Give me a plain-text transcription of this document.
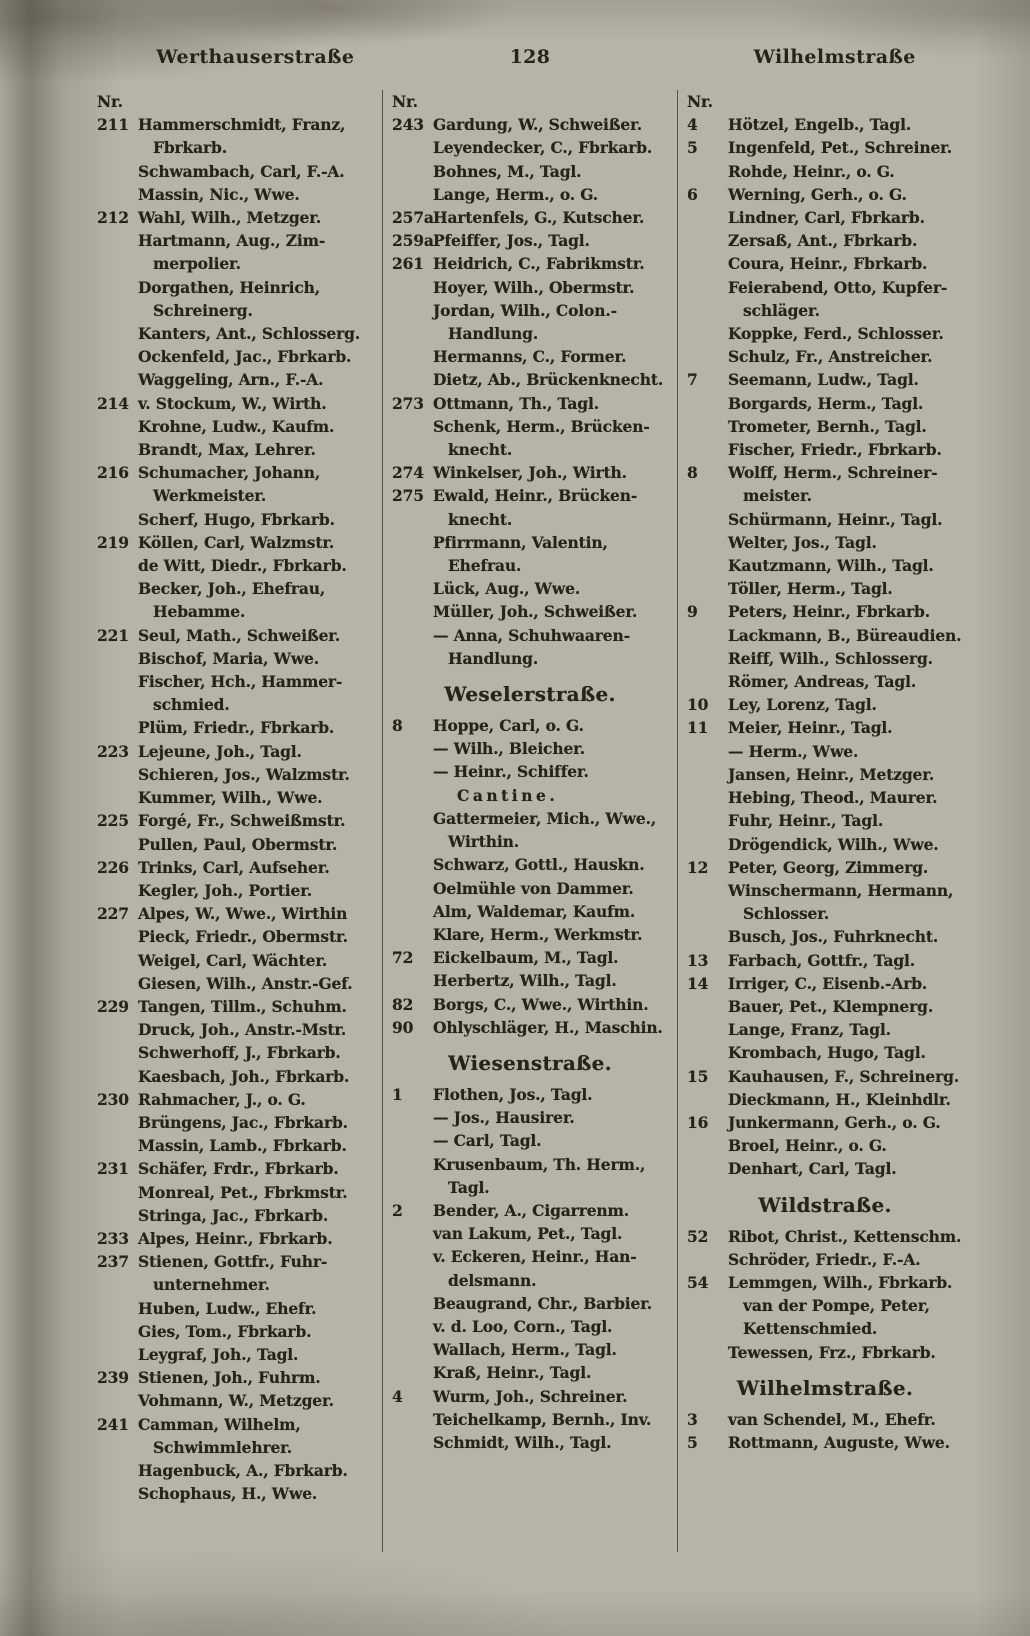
Werthauserstraße	128	Wilhelmstraße
Nr.
211 Hammerschmidt, Franz,
Fbrkarb.
Schwambach, Carl, F.-A.
Massin, Nic., Wwe.
212 Wahl, Wilh., Metzger.
Hartmann, Aug., Zim-
merpolier.
Dorgathen, Heinrich,
Schreinerg.
Kanters, Ant., Schlosserg.
Ockenfeld, Jac., Fbrkarb.
Waggeling, Arn., F.-A.
214 v. Stockum, W., Wirth.
Krohne, Ludw., Kaufm.
Brandt, Max, Lehrer.
216 Schumacher, Johann,
Werkmeister.
Scherf, Hugo, Fbrkarb.
219 Köllen, Carl, Walzmstr.
de Witt, Diedr., Fbrkarb.
Becker, Joh., Ehefrau,
Hebamme.
221 Seul, Math., Schweißer.
Bischof, Maria, Wwe.
Fischer, Hch., Hammer-
schmied.
Plüm, Friedr., Fbrkarb.
223 Lejeune, Joh., Tagl.
Schieren, Jos., Walzmstr.
Kummer, Wilh., Wwe.
225 Forgé, Fr., Schweißmstr.
Pullen, Paul, Obermstr.
226 Trinks, Carl, Aufseher.
Kegler, Joh., Portier.
227 Alpes, W., Wwe., Wirthin
Pieck, Friedr., Obermstr.
Weigel, Carl, Wächter.
Giesen, Wilh., Anstr.-Gef.
229 Tangen, Tillm., Schuhm.
Druck, Joh., Anstr.-Mstr.
Schwerhoff, J., Fbrkarb.
Kaesbach, Joh., Fbrkarb.
230 Rahmacher, J., o. G.
Brüngens, Jac., Fbrkarb.
Massin, Lamb., Fbrkarb.
231 Schäfer, Frdr., Fbrkarb.
Monreal, Pet., Fbrkmstr.
Stringa, Jac., Fbrkarb.
233 Alpes, Heinr., Fbrkarb.
237 Stienen, Gottfr., Fuhr-
unternehmer.
Huben, Ludw., Ehefr.
Gies, Tom., Fbrkarb.
Leygraf, Joh., Tagl.
239 Stienen, Joh., Fuhrm.
Vohmann, W., Metzger.
241 Camman, Wilhelm,
Schwimmlehrer.
Hagenbuck, A., Fbrkarb.
Schophaus, H., Wwe.
Nr.
243 Gardung, W., Schweißer.
Leyendecker, C., Fbrkarb.
Bohnes, M., Tagl.
Lange, Herm., o. G.
257a Hartenfels, G., Kutscher.
259a Pfeiffer, Jos., Tagl.
261 Heidrich, C., Fabrikmstr.
Hoyer, Wilh., Obermstr.
Jordan, Wilh., Colon.-
Handlung.
Hermanns, C., Former.
Dietz, Ab., Brückenknecht.
273 Ottmann, Th., Tagl.
Schenk, Herm., Brücken-
knecht.
274 Winkelser, Joh., Wirth.
275 Ewald, Heinr., Brücken-
knecht.
Pfirrmann, Valentin,
Ehefrau.
Lück, Aug., Wwe.
Müller, Joh., Schweißer.
— Anna, Schuhwaaren-
Handlung.
Weselerstraße.
8	Hoppe, Carl, o. G.
— Wilh., Bleicher.
— Heinr., Schiffer.
Cantine.
Gattermeier, Mich., Wwe.,
Wirthin.
Schwarz, Gottl., Hauskn.
Oelmühle von Dammer.
Alm, Waldemar, Kaufm.
Klare, Herm., Werkmstr.
72	Eickelbaum, M., Tagl.
Herbertz, Wilh., Tagl.
82	Borgs, C., Wwe., Wirthin.
90	Ohlyschläger, H., Maschin.
Wiesenstraße.
1	Flothen, Jos., Tagl.
— Jos., Hausirer.
— Carl, Tagl.
Krusenbaum, Th. Herm.,
Tagl.
2	Bender, A., Cigarrenm.
van Lakum, Pet., Tagl.
v. Eckeren, Heinr., Han-
delsmann.
Beaugrand, Chr., Barbier.
v. d. Loo, Corn., Tagl.
Wallach, Herm., Tagl.
Kraß, Heinr., Tagl.
4	Wurm, Joh., Schreiner.
Teichelkamp, Bernh., Inv.
Schmidt, Wilh., Tagl.
Nr.
4	Hötzel, Engelb., Tagl.
5	Ingenfeld, Pet., Schreiner.
Rohde, Heinr., o. G.
6	Werning, Gerh., o. G.
Lindner, Carl, Fbrkarb.
Zersaß, Ant., Fbrkarb.
Coura, Heinr., Fbrkarb.
Feierabend, Otto, Kupfer-
schläger.
Koppke, Ferd., Schlosser.
Schulz, Fr., Anstreicher.
7	Seemann, Ludw., Tagl.
Borgards, Herm., Tagl.
Trometer, Bernh., Tagl.
Fischer, Friedr., Fbrkarb.
8	Wolff, Herm., Schreiner-
meister.
Schürmann, Heinr., Tagl.
Welter, Jos., Tagl.
Kautzmann, Wilh., Tagl.
Töller, Herm., Tagl.
9	Peters, Heinr., Fbrkarb.
Lackmann, B., Büreaudien.
Reiff, Wilh., Schlosserg.
Römer, Andreas, Tagl.
10	Ley, Lorenz, Tagl.
11	Meier, Heinr., Tagl.
— Herm., Wwe.
Jansen, Heinr., Metzger.
Hebing, Theod., Maurer.
Fuhr, Heinr., Tagl.
Drögendick, Wilh., Wwe.
12	Peter, Georg, Zimmerg.
Winschermann, Hermann,
Schlosser.
Busch, Jos., Fuhrknecht.
13	Farbach, Gottfr., Tagl.
14	Irriger, C., Eisenb.-Arb.
Bauer, Pet., Klempnerg.
Lange, Franz, Tagl.
Krombach, Hugo, Tagl.
15	Kauhausen, F., Schreinerg.
Dieckmann, H., Kleinhdlr.
16	Junkermann, Gerh., o. G.
Broel, Heinr., o. G.
Denhart, Carl, Tagl.
Wildstraße.
52	Ribot, Christ., Kettenschm.
Schröder, Friedr., F.-A.
54	Lemmgen, Wilh., Fbrkarb.
van der Pompe, Peter,
Kettenschmied.
Tewessen, Frz., Fbrkarb.
Wilhelmstraße.
3	van Schendel, M., Ehefr.
5	Rottmann, Auguste, Wwe.
